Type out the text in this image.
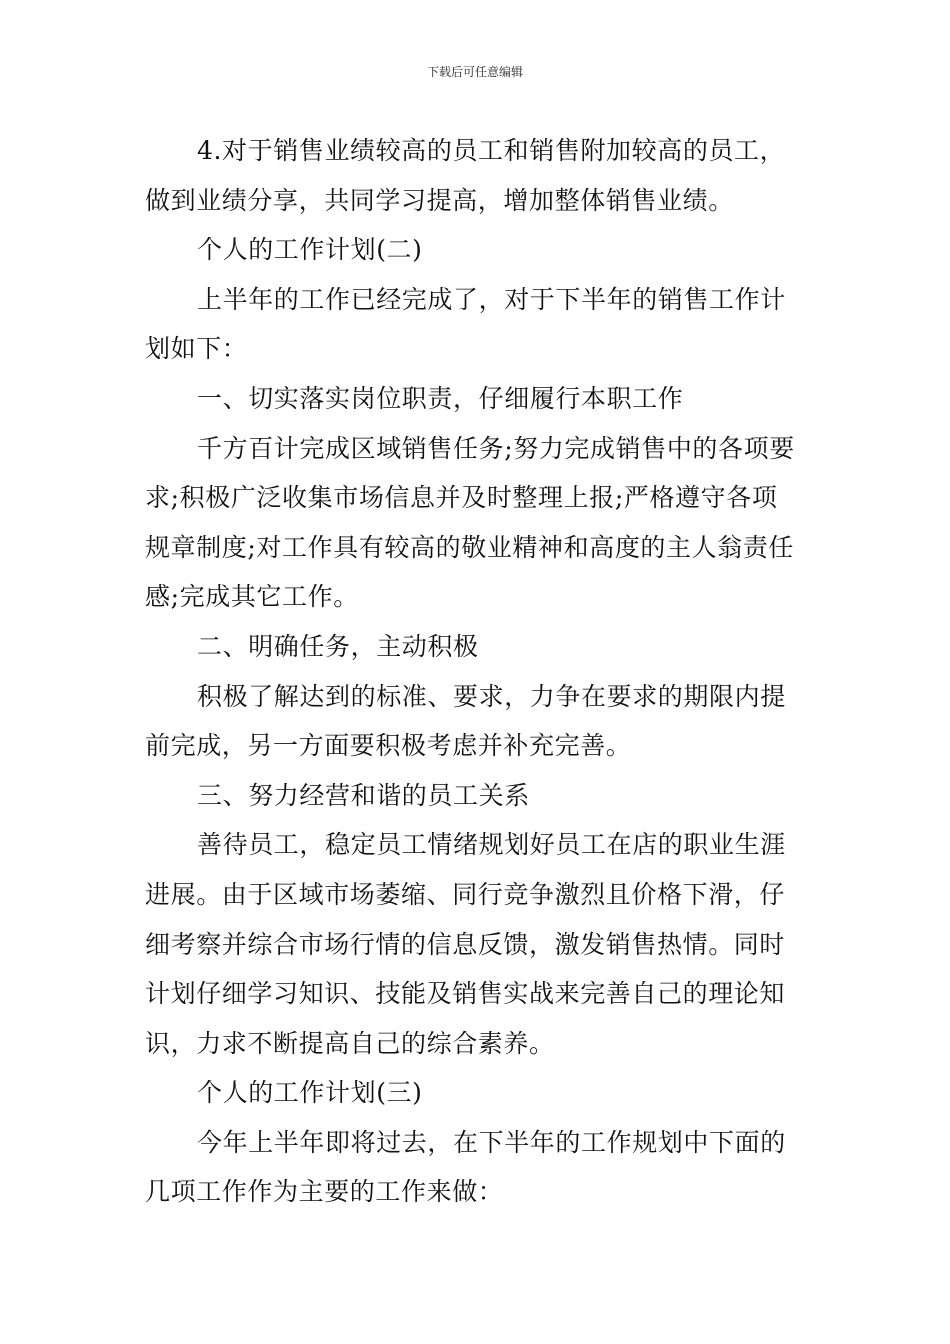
下载后可任意编辑
4.对于销售业绩较高的员工和销售附加较高的员工，
做到业绩分享，共同学习提高，增加整体销售业绩。
个人的工作计划(二)
上半年的工作已经完成了，对于下半年的销售工作计
划如下：
一、切实落实岗位职责，仔细履行本职工作
千方百计完成区域销售任务;努力完成销售中的各项要
求;积极广泛收集市场信息并及时整理上报;严格遵守各项
规章制度;对工作具有较高的敬业精神和高度的主人翁责任
感;完成其它工作。
二、明确任务，主动积极
积极了解达到的标准、要求，力争在要求的期限内提
前完成，另一方面要积极考虑并补充完善。
三、努力经营和谐的员工关系
善待员工，稳定员工情绪规划好员工在店的职业生涯
进展。由于区域市场萎缩、同行竞争激烈且价格下滑，仔
细考察并综合市场行情的信息反馈，激发销售热情。同时
计划仔细学习知识、技能及销售实战来完善自己的理论知
识，力求不断提高自己的综合素养。
个人的工作计划(三)
今年上半年即将过去，在下半年的工作规划中下面的
几项工作作为主要的工作来做：
